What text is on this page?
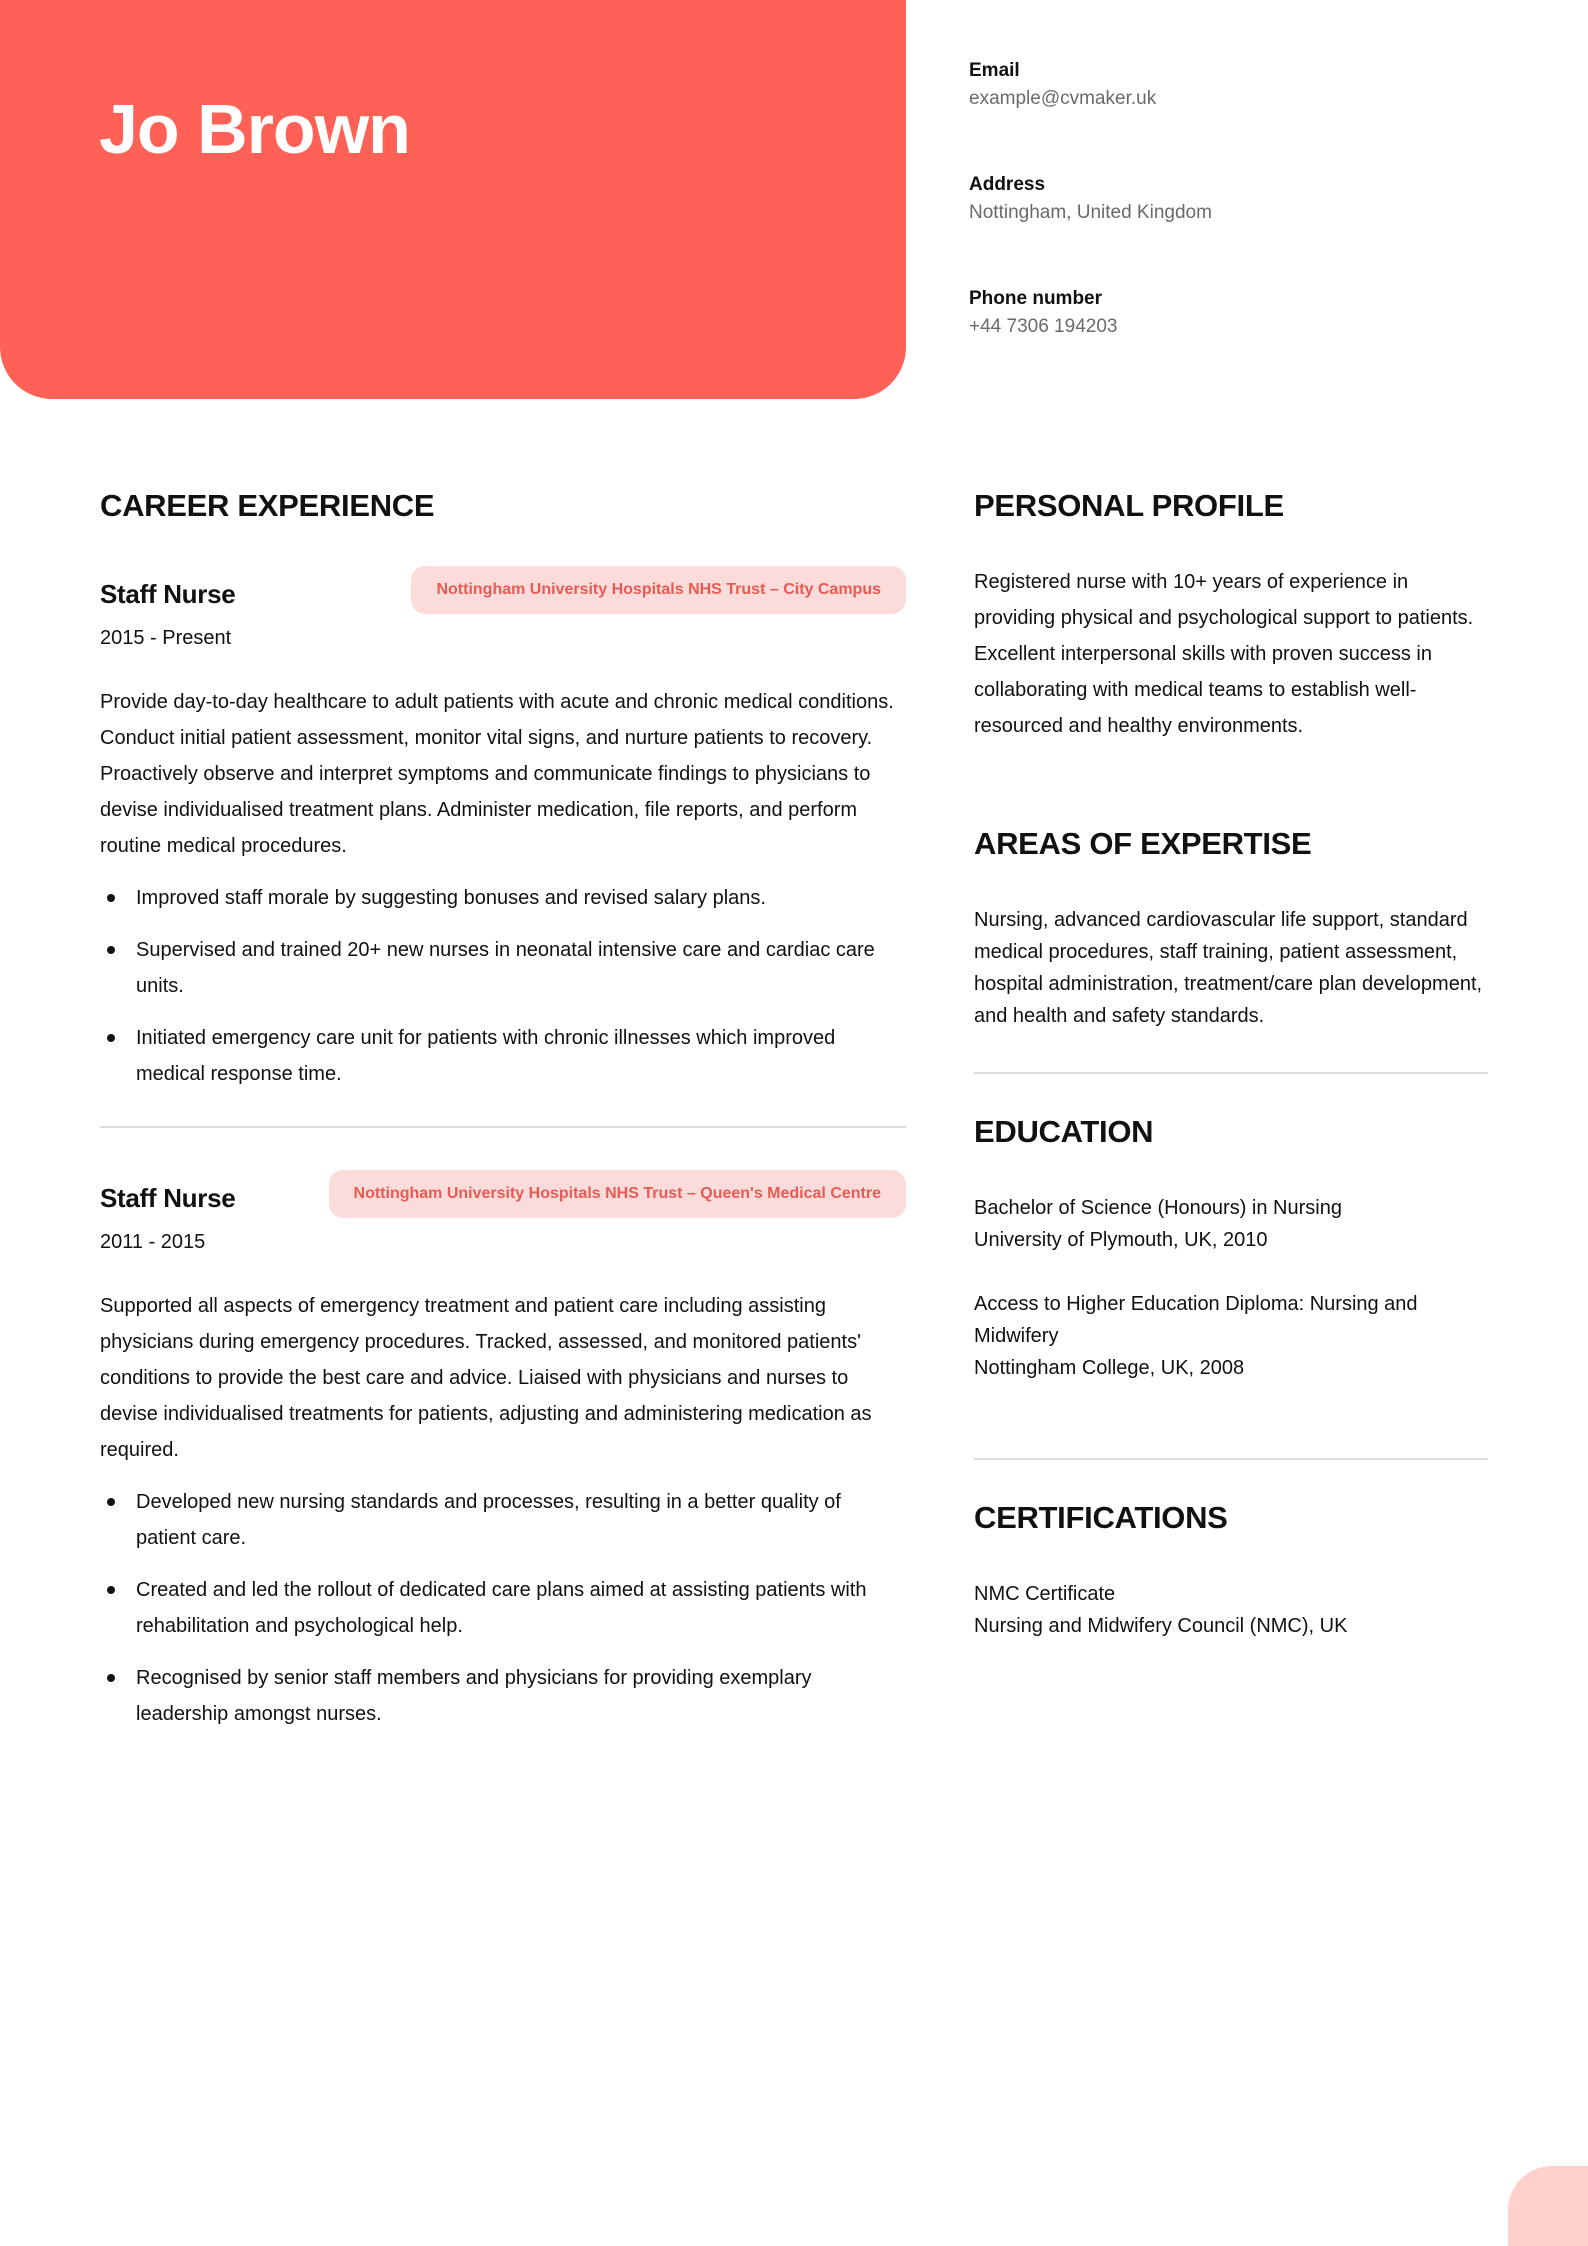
Jo Brown
Email
example@cvmaker.uk
Address
Nottingham, United Kingdom
Phone number
+44 7306 194203
CAREER EXPERIENCE
Staff Nurse	Nottingham University Hospitals NHS Trust – City Campus
2015 - Present
Provide day-to-day healthcare to adult patients with acute and chronic medical conditions. Conduct initial patient assessment, monitor vital signs, and nurture patients to recovery. Proactively observe and interpret symptoms and communicate findings to physicians to devise individualised treatment plans. Administer medication, file reports, and perform routine medical procedures.
Improved staff morale by suggesting bonuses and revised salary plans.
Supervised and trained 20+ new nurses in neonatal intensive care and cardiac care units.
Initiated emergency care unit for patients with chronic illnesses which improved medical response time.
Staff Nurse	Nottingham University Hospitals NHS Trust – Queen's Medical Centre
2011 - 2015
Supported all aspects of emergency treatment and patient care including assisting physicians during emergency procedures. Tracked, assessed, and monitored patients' conditions to provide the best care and advice. Liaised with physicians and nurses to devise individualised treatments for patients, adjusting and administering medication as required.
Developed new nursing standards and processes, resulting in a better quality of patient care.
Created and led the rollout of dedicated care plans aimed at assisting patients with rehabilitation and psychological help.
Recognised by senior staff members and physicians for providing exemplary leadership amongst nurses.
PERSONAL PROFILE
Registered nurse with 10+ years of experience in providing physical and psychological support to patients. Excellent interpersonal skills with proven success in collaborating with medical teams to establish well-resourced and healthy environments.
AREAS OF EXPERTISE
Nursing, advanced cardiovascular life support, standard medical procedures, staff training, patient assessment, hospital administration, treatment/care plan development, and health and safety standards.
EDUCATION
Bachelor of Science (Honours) in Nursing
University of Plymouth, UK, 2010
Access to Higher Education Diploma: Nursing and Midwifery
Nottingham College, UK, 2008
CERTIFICATIONS
NMC Certificate
Nursing and Midwifery Council (NMC), UK
